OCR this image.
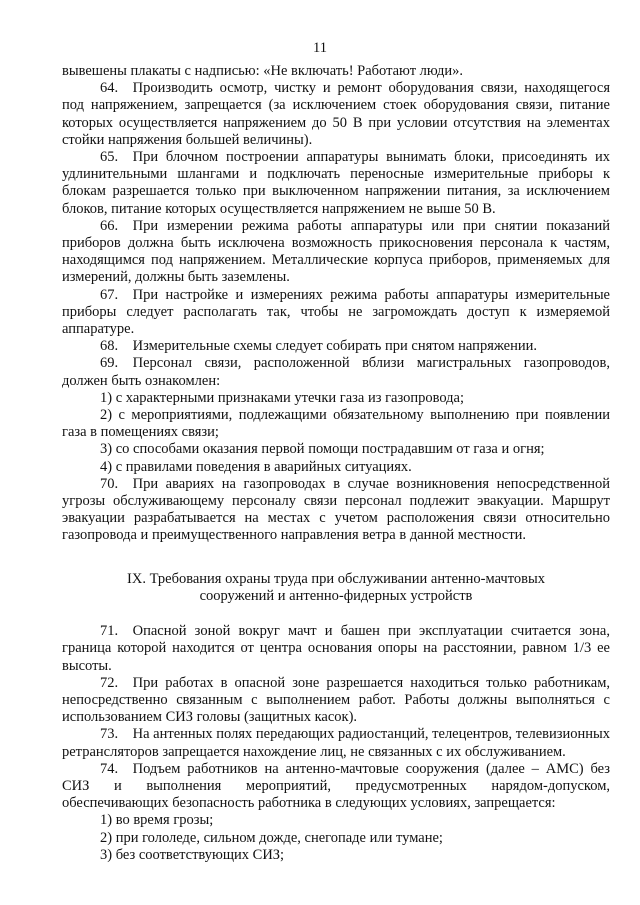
11

вывешены плакаты с надписью: «Не включать! Работают люди».

64. Производить осмотр, чистку и ремонт оборудования связи, находящегося под напряжением, запрещается (за исключением стоек оборудования связи, питание которых осуществляется напряжением до 50 В при условии отсутствия на элементах стойки напряжения большей величины).

65. При блочном построении аппаратуры вынимать блоки, присоединять их удлинительными шлангами и подключать переносные измерительные приборы к блокам разрешается только при выключенном напряжении питания, за исключением блоков, питание которых осуществляется напряжением не выше 50 В.

66. При измерении режима работы аппаратуры или при снятии показаний приборов должна быть исключена возможность прикосновения персонала к частям, находящимся под напряжением. Металлические корпуса приборов, применяемых для измерений, должны быть заземлены.

67. При настройке и измерениях режима работы аппаратуры измерительные приборы следует располагать так, чтобы не загромождать доступ к измеряемой аппаратуре.

68. Измерительные схемы следует собирать при снятом напряжении.

69. Персонал связи, расположенной вблизи магистральных газопроводов, должен быть ознакомлен:

1) с характерными признаками утечки газа из газопровода;

2) с мероприятиями, подлежащими обязательному выполнению при появлении газа в помещениях связи;

3) со способами оказания первой помощи пострадавшим от газа и огня;

4) с правилами поведения в аварийных ситуациях.

70. При авариях на газопроводах в случае возникновения непосредственной угрозы обслуживающему персоналу связи персонал подлежит эвакуации. Маршрут эвакуации разрабатывается на местах с учетом расположения связи относительно газопровода и преимущественного направления ветра в данной местности.

IX. Требования охраны труда при обслуживании антенно-мачтовых
сооружений и антенно-фидерных устройств

71. Опасной зоной вокруг мачт и башен при эксплуатации считается зона, граница которой находится от центра основания опоры на расстоянии, равном 1/3 ее высоты.

72. При работах в опасной зоне разрешается находиться только работникам, непосредственно связанным с выполнением работ. Работы должны выполняться с использованием СИЗ головы (защитных касок).

73. На антенных полях передающих радиостанций, телецентров, телевизионных ретрансляторов запрещается нахождение лиц, не связанных с их обслуживанием.

74. Подъем работников на антенно-мачтовые сооружения (далее – АМС) без СИЗ и выполнения мероприятий, предусмотренных нарядом-допуском, обеспечивающих безопасность работника в следующих условиях, запрещается:

1) во время грозы;

2) при гололеде, сильном дожде, снегопаде или тумане;

3) без соответствующих СИЗ;
